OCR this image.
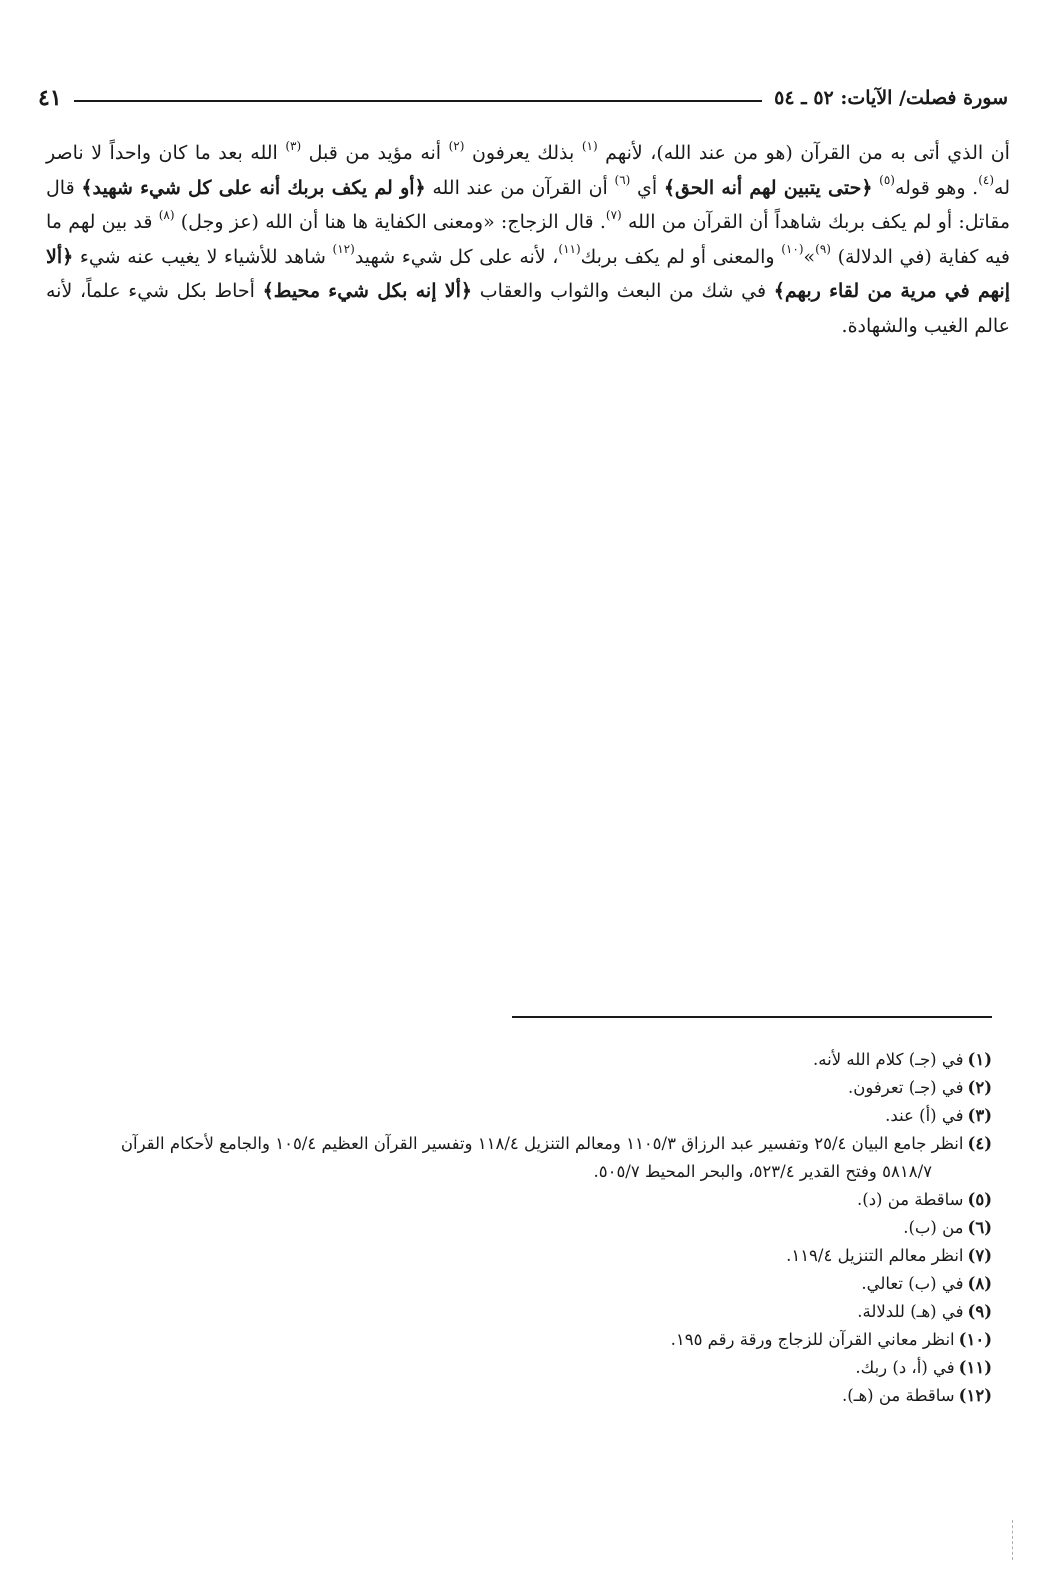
سورة فصلت/ الآيات: ٥٢ ـ ٥٤
٤١

أن الذي أتى به من القرآن (هو من عند الله)، لأنهم $^{(١)}$ بذلك يعرفون $^{(٢)}$ أنه مؤيد من قبل $^{(٣)}$ الله بعد ما كان واحداً لا ناصر له$^{(٤)}$. وهو قوله$^{(٥)}$ ﴿حتى يتبين لهم أنه الحق﴾ أي $^{(٦)}$ أن القرآن من عند الله ﴿أو لم يكف بربك أنه على كل شيء شهيد﴾ قال مقاتل: أو لم يكف بربك شاهداً أن القرآن من الله $^{(٧)}$. قال الزجاج: «ومعنى الكفاية ها هنا أن الله (عز وجل) $^{(٨)}$ قد بين لهم ما فيه كفاية (في الدلالة) $^{(٩)}$»$^{(١٠)}$ والمعنى أو لم يكف بربك$^{(١١)}$، لأنه على كل شيء شهيد$^{(١٢)}$ شاهد للأشياء لا يغيب عنه شيء ﴿ألا إنهم في مرية من لقاء ربهم﴾ في شك من البعث والثواب والعقاب ﴿ألا إنه بكل شيء محيط﴾ أحاط بكل شيء علماً، لأنه عالم الغيب والشهادة.

(١)في (جـ) كلام الله لأنه.
(٢)في (جـ) تعرفون.
(٣)في (أ) عند.
(٤)انظر جامع البيان ٢٥/٤ وتفسير عبد الرزاق ١١٠٥/٣ ومعالم التنزيل ١١٨/٤ وتفسير القرآن العظيم ١٠٥/٤ والجامع لأحكام القرآن
٥٨١٨/٧ وفتح القدير ٥٢٣/٤، والبحر المحيط ٥٠٥/٧.
(٥)ساقطة من (د).
(٦)من (ب).
(٧)انظر معالم التنزيل ١١٩/٤.
(٨)في (ب) تعالي.
(٩)في (هـ) للدلالة.
(١٠)انظر معاني القرآن للزجاج ورقة رقم ١٩٥.
(١١)في (أ، د) ربك.
(١٢)ساقطة من (هـ).
